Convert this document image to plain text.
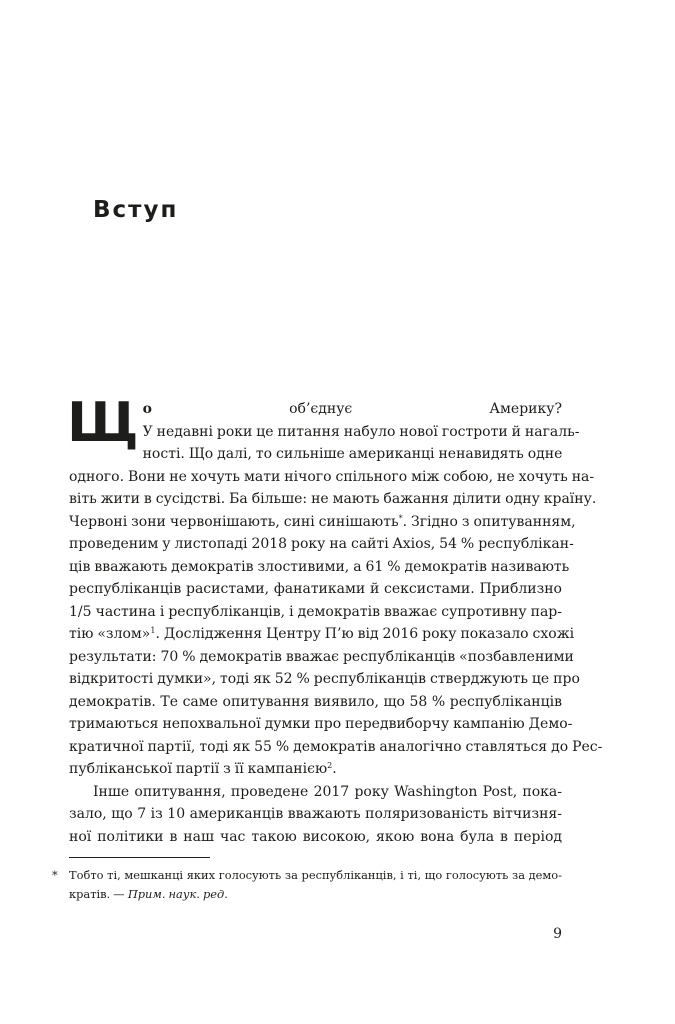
Вступ

Що об’єднує Америку?

У недавні роки це питання набуло нової гостроти й нагаль-

ності. Що далі, то сильніше американці ненавидять одне

одного. Вони не хочуть мати нічого спільного між собою, не хочуть на-

віть жити в сусідстві. Ба більше: не мають бажання ділити одну країну.

Червоні зони червонішають, сині синішають*. Згідно з опитуванням,

проведеним у листопаді 2018 року на сайті Axios, 54 % республікан-

ців вважають демократів злостивими, а 61 % демократів називають

республіканців расистами, фанатиками й сексистами. Приблизно

1/5 частина і республіканців, і демократів вважає супротивну пар-

тію «злом»$^1$. Дослідження Центру П’ю від 2016 року показало схожі

результати: 70 % демократів вважає республіканців «позбавленими

відкритості думки», тоді як 52 % республіканців стверджують це про

демократів. Те саме опитування виявило, що 58 % республіканців

тримаються непохвальної думки про передвиборчу кампанію Демо-

кратичної партії, тоді як 55 % демократів аналогічно ставляться до Рес-

публіканської партії з її кампанією$^2$.

Інше опитування, проведене 2017 року Washington Post, пока-

зало, що 7 із 10 американців вважають поляризованість вітчизня-

ної політики в наш час такою високою, якою вона була в період

* Тобто ті, мешканці яких голосують за республіканців, і ті, що голосують за демо-

кратів. — Прим. наук. ред.

9
